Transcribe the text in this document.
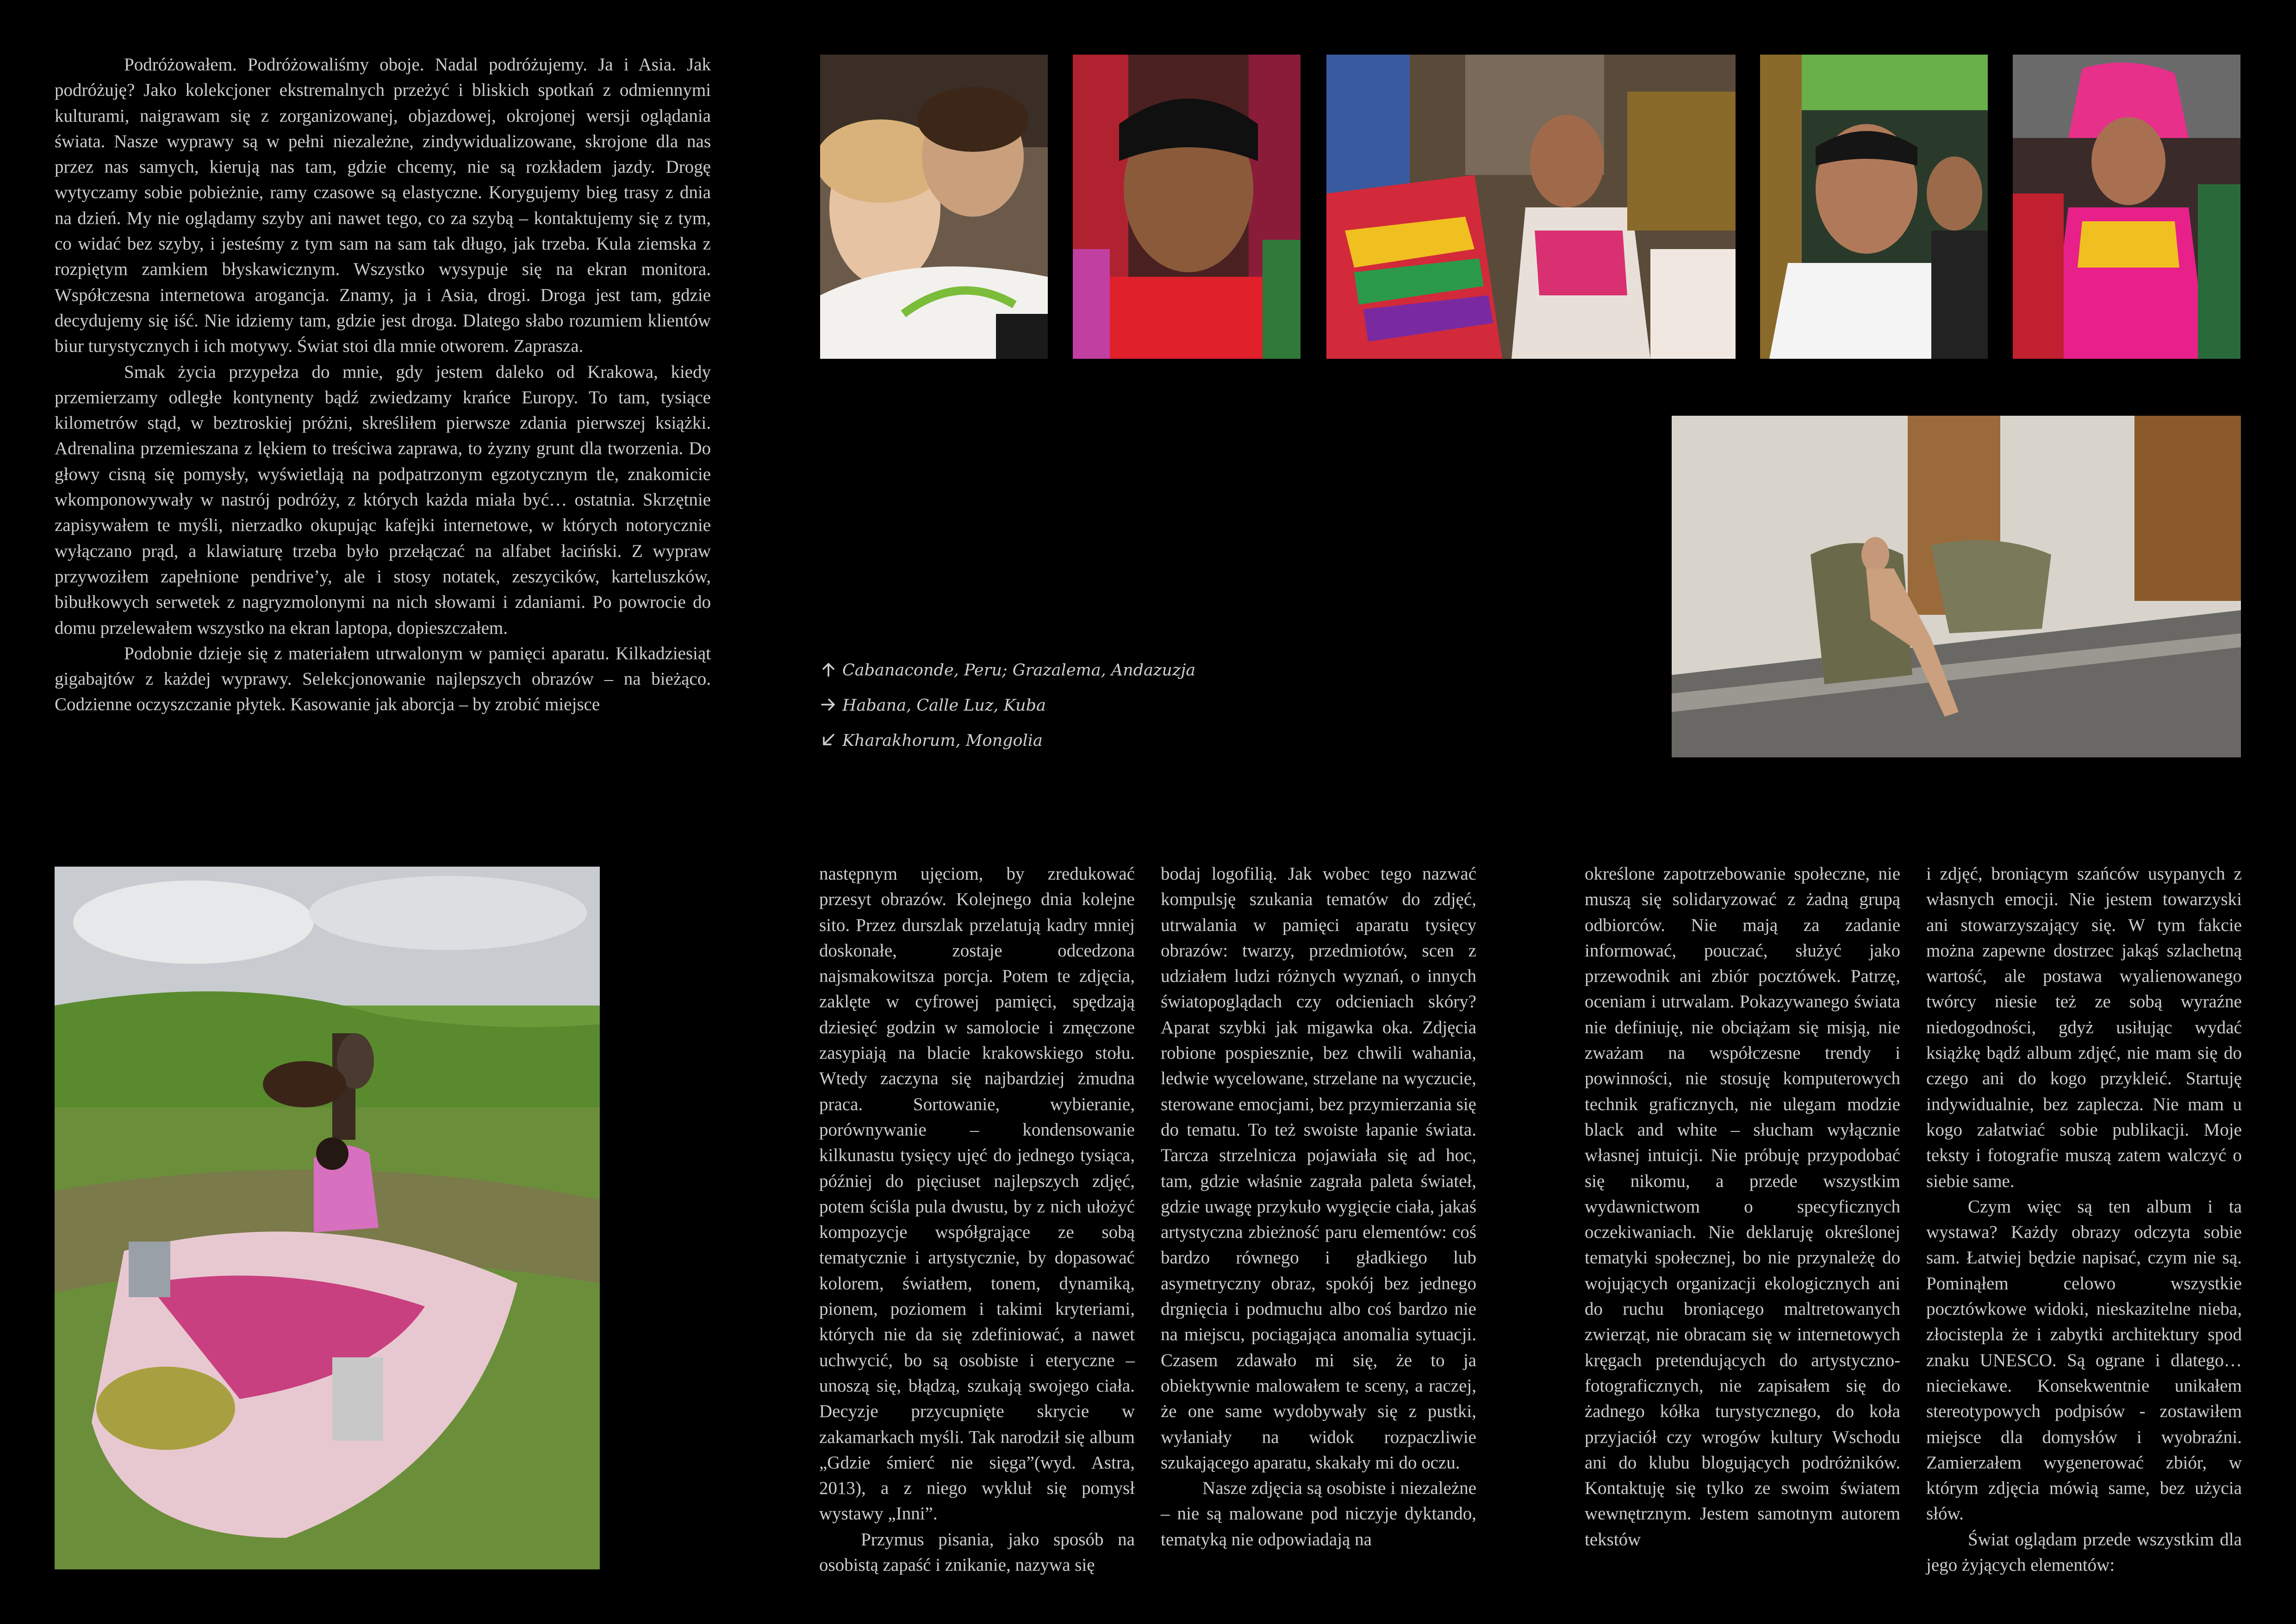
Podróżowałem. Podróżowaliśmy oboje. Nadal podróżujemy. Ja i Asia. Jak podróżuję? Jako kolekcjoner ekstremalnych przeżyć i bliskich spotkań z odmiennymi kulturami, naigrawam się z zorganizowanej, objazdowej, okrojonej wersji oglądania świata. Nasze wyprawy są w pełni niezależne, zindywidualizowane, skrojone dla nas przez nas samych, kierują nas tam, gdzie chcemy, nie są rozkładem jazdy. Drogę wytyczamy sobie pobieżnie, ramy czasowe są elastyczne. Korygujemy bieg trasy z dnia na dzień. My nie oglądamy szyby ani nawet tego, co za szybą – kontaktujemy się z tym, co widać bez szyby, i jesteśmy z tym sam na sam tak długo, jak trzeba. Kula ziemska z rozpiętym zamkiem błyskawicznym. Wszystko wysypuje się na ekran monitora. Współczesna internetowa arogancja. Znamy, ja i Asia, drogi. Droga jest tam, gdzie decydujemy się iść. Nie idziemy tam, gdzie jest droga. Dlatego słabo rozumiem klientów biur turystycznych i ich motywy. Świat stoi dla mnie otworem. Zaprasza.

Smak życia przypełza do mnie, gdy jestem daleko od Krakowa, kiedy przemierzamy odległe kontynenty bądź zwiedzamy krańce Europy. To tam, tysiące kilometrów stąd, w beztroskiej próżni, skreśliłem pierwsze zdania pierwszej książki. Adrenalina przemieszana z lękiem to treściwa zaprawa, to żyzny grunt dla tworzenia. Do głowy cisną się pomysły, wyświetlają na podpatrzonym egzotycznym tle, znakomicie wkomponowywały w nastrój podróży, z których każda miała być… ostatnia. Skrzętnie zapisywałem te myśli, nierzadko okupując kafejki internetowe, w których notorycznie wyłączano prąd, a klawiaturę trzeba było przełączać na alfabet łaciński. Z wypraw przywoziłem zapełnione pendrive’y, ale i stosy notatek, zeszycików, karteluszków, bibułkowych serwetek z nagryzmolonymi na nich słowami i zdaniami. Po powrocie do domu przelewałem wszystko na ekran laptopa, dopieszczałem.

Podobnie dzieje się z materiałem utrwalonym w pamięci aparatu. Kilkadziesiąt gigabajtów z każdej wyprawy. Selekcjonowanie najlepszych obrazów – na bieżąco. Codzienne oczyszczanie płytek. Kasowanie jak aborcja – by zrobić miejsce

Cabanaconde, Peru; Grazalema, Andazuzja
Habana, Calle Luz, Kuba
Kharakhorum, Mongolia

następnym ujęciom, by zredukować przesyt obrazów. Kolejnego dnia kolejne sito. Przez durszlak przelatują kadry mniej doskonałe, zostaje odcedzona najsmakowitsza porcja. Potem te zdjęcia, zaklęte w cyfrowej pamięci, spędzają dziesięć godzin w samolocie i zmęczone zasypiają na blacie krakowskiego stołu. Wtedy zaczyna się najbardziej żmudna praca. Sortowanie, wybieranie, porównywanie – kondensowanie kilkunastu tysięcy ujęć do jednego tysiąca, później do pięciuset najlepszych zdjęć, potem ściśla pula dwustu, by z nich ułożyć kompozycje współgrające ze sobą tematycznie i artystycznie, by dopasować kolorem, światłem, tonem, dynamiką, pionem, poziomem i takimi kryteriami, których nie da się zdefiniować, a nawet uchwycić, bo są osobiste i eteryczne – unoszą się, błądzą, szukają swojego ciała. Decyzje przycupnięte skrycie w zakamarkach myśli. Tak narodził się album „Gdzie śmierć nie sięga”(wyd. Astra, 2013), a z niego wykluł się pomysł wystawy „Inni”.

Przymus pisania, jako sposób na osobistą zapaść i znikanie, nazywa się

bodaj logofilią. Jak wobec tego nazwać kompulsję szukania tematów do zdjęć, utrwalania w pamięci aparatu tysięcy obrazów: twarzy, przedmiotów, scen z udziałem ludzi różnych wyznań, o innych światopoglądach czy odcieniach skóry? Aparat szybki jak migawka oka. Zdjęcia robione pospiesznie, bez chwili wahania, ledwie wycelowane, strzelane na wyczucie, sterowane emocjami, bez przymierzania się do tematu. To też swoiste łapanie świata. Tarcza strzelnicza pojawiała się ad hoc, tam, gdzie właśnie zagrała paleta świateł, gdzie uwagę przykuło wygięcie ciała, jakaś artystyczna zbieżność paru elementów: coś bardzo równego i gładkiego lub asymetryczny obraz, spokój bez jednego drgnięcia i podmuchu albo coś bardzo nie na miejscu, pociągająca anomalia sytuacji. Czasem zdawało mi się, że to ja obiektywnie malowałem te sceny, a raczej, że one same wydobywały się z pustki, wyłaniały na widok rozpaczliwie szukającego aparatu, skakały mi do oczu.

Nasze zdjęcia są osobiste i niezależne – nie są malowane pod niczyje dyktando, tematyką nie odpowiadają na

określone zapotrzebowanie społeczne, nie muszą się solidaryzować z żadną grupą odbiorców. Nie mają za zadanie informować, pouczać, służyć jako przewodnik ani zbiór pocztówek. Patrzę, oceniam i utrwalam. Pokazywanego świata nie definiuję, nie obciążam się misją, nie zważam na współczesne trendy i powinności, nie stosuję komputerowych technik graficznych, nie ulegam modzie black and white – słucham wyłącznie własnej intuicji. Nie próbuję przypodobać się nikomu, a przede wszystkim wydawnictwom o specyficznych oczekiwaniach. Nie deklaruję określonej tematyki społecznej, bo nie przynależę do wojujących organizacji ekologicznych ani do ruchu broniącego maltretowanych zwierząt, nie obracam się w internetowych kręgach pretendujących do artystyczno-fotograficznych, nie zapisałem się do żadnego kółka turystycznego, do koła przyjaciół czy wrogów kultury Wschodu ani do klubu blogujących podróżników. Kontaktuję się tylko ze swoim światem wewnętrznym. Jestem samotnym autorem tekstów

i zdjęć, broniącym szańców usypanych z własnych emocji. Nie jestem towarzyski ani stowarzyszający się. W tym fakcie można zapewne dostrzec jakąś szlachetną wartość, ale postawa wyalienowanego twórcy niesie też ze sobą wyraźne niedogodności, gdyż usiłując wydać książkę bądź album zdjęć, nie mam się do czego ani do kogo przykleić. Startuję indywidualnie, bez zaplecza. Nie mam u kogo załatwiać sobie publikacji. Moje teksty i fotografie muszą zatem walczyć o siebie same.

Czym więc są ten album i ta wystawa? Każdy obrazy odczyta sobie sam. Łatwiej będzie napisać, czym nie są. Pominąłem celowo wszystkie pocztówkowe widoki, nieskazitelne nieba, złocistepla że i zabytki architektury spod znaku UNESCO. Są ograne i dlatego… nieciekawe. Konsekwentnie unikałem stereotypowych podpisów - zostawiłem miejsce dla domysłów i wyobraźni. Zamierzałem wygenerować zbiór, w którym zdjęcia mówią same, bez użycia słów.

Świat oglądam przede wszystkim dla jego żyjących elementów:
